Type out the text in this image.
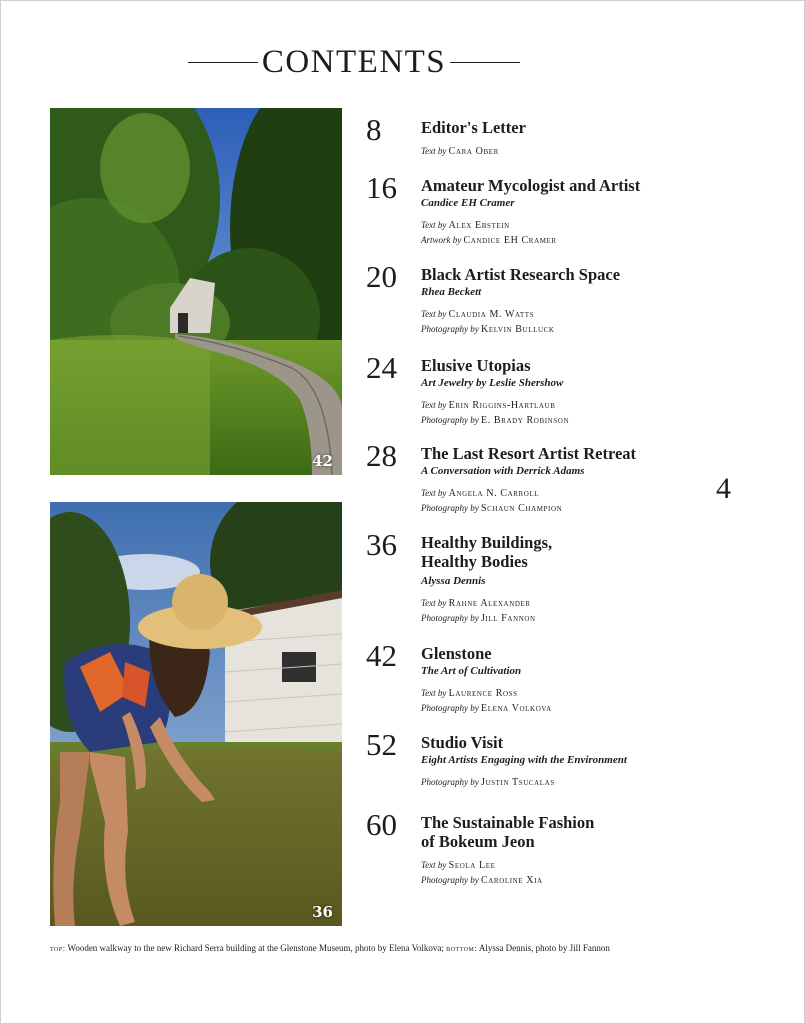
CONTENTS
42
36
8 Editor's Letter
Text by Cara Ober
16 Amateur Mycologist and Artist
Candice EH Cramer
Text by Alex Ebstein
Artwork by Candice EH Cramer
20 Black Artist Research Space
Rhea Beckett
Text by Claudia M. Watts
Photography by Kelvin Bulluck
24 Elusive Utopias
Art Jewelry by Leslie Shershow
Text by Erin Riggins-Hartlaub
Photography by E. Brady Robinson
28 The Last Resort Artist Retreat
A Conversation with Derrick Adams
Text by Angela N. Carroll
Photography by Schaun Champion
36 Healthy Buildings,
Healthy Bodies
Alyssa Dennis
Text by Rahne Alexander
Photography by Jill Fannon
42 Glenstone
The Art of Cultivation
Text by Laurence Ross
Photography by Elena Volkova
52 Studio Visit
Eight Artists Engaging with the Environment
Photography by Justin Tsucalas
60 The Sustainable Fashion
of Bokeum Jeon
Text by Seola Lee
Photography by Caroline Xia
4
top: Wooden walkway to the new Richard Serra building at the Glenstone Museum, photo by Elena Volkova; bottom: Alyssa Dennis, photo by Jill Fannon
